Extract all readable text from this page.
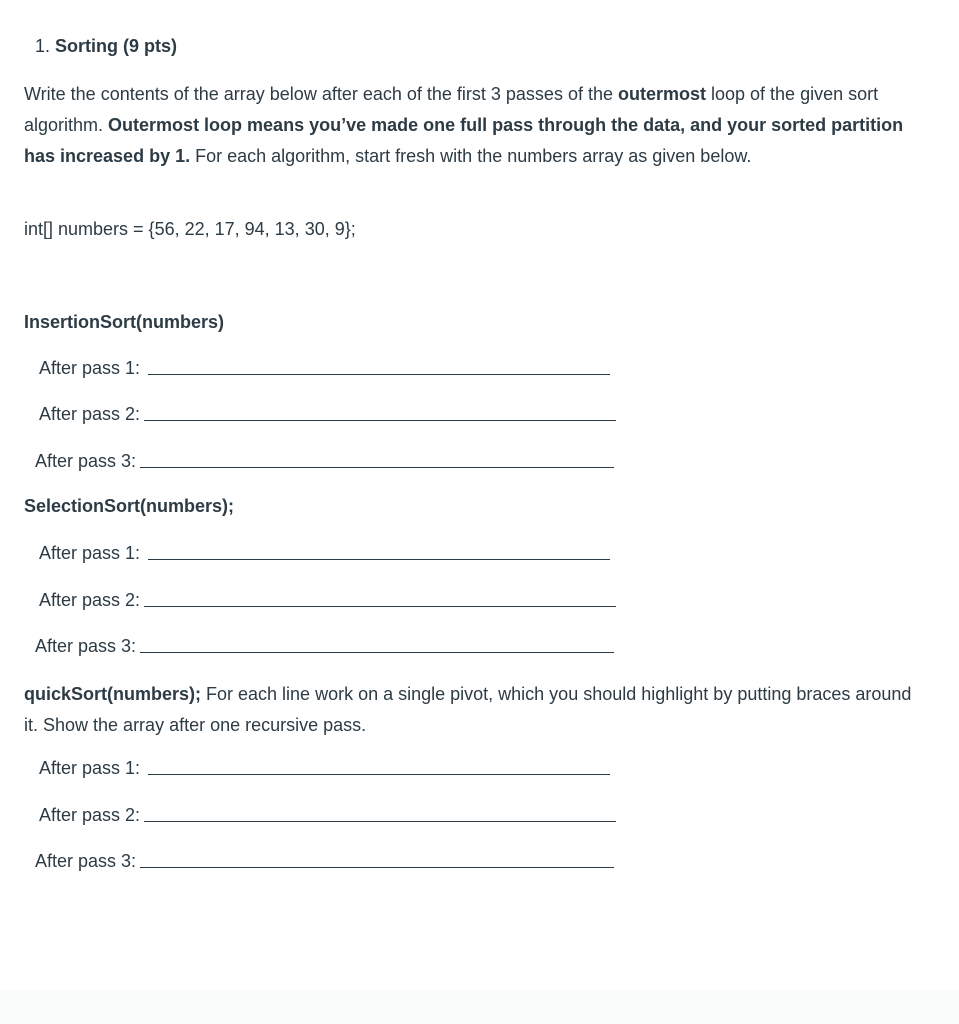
1. Sorting (9 pts)
Write the contents of the array below after each of the first 3 passes of the outermost loop of the given sort algorithm. Outermost loop means you’ve made one full pass through the data, and your sorted partition has increased by 1. For each algorithm, start fresh with the numbers array as given below.
int[] numbers = {56, 22, 17, 94, 13, 30, 9};
InsertionSort(numbers)
After pass 1:
After pass 2:
After pass 3:
SelectionSort(numbers);
After pass 1:
After pass 2:
After pass 3:
quickSort(numbers); For each line work on a single pivot, which you should highlight by putting braces around it. Show the array after one recursive pass.
After pass 1:
After pass 2:
After pass 3:
